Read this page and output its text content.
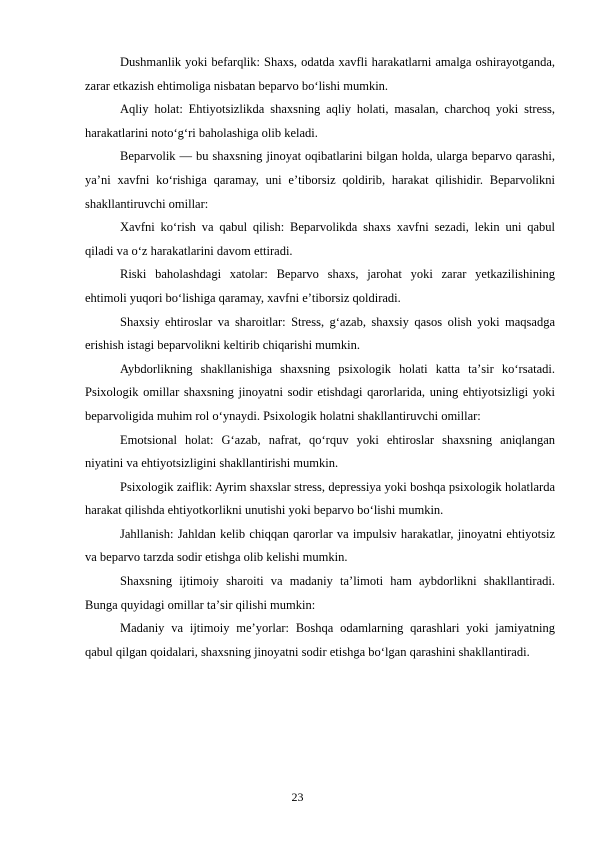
Dushmanlik yoki befarqlik: Shaxs, odatda xavfli harakatlarni amalga oshirayotganda, zarar etkazish ehtimoliga nisbatan beparvo boʻlishi mumkin.

Aqliy holat: Ehtiyotsizlikda shaxsning aqliy holati, masalan, charchoq yoki stress, harakatlarini notoʻgʻri baholashiga olib keladi.

Beparvolik — bu shaxsning jinoyat oqibatlarini bilgan holda, ularga beparvo qarashi, yaʼni xavfni koʻrishiga qaramay, uni eʼtiborsiz qoldirib, harakat qilishidir. Beparvolikni shakllantiruvchi omillar:

Xavfni koʻrish va qabul qilish: Beparvolikda shaxs xavfni sezadi, lekin uni qabul qiladi va oʻz harakatlarini davom ettiradi.

Riski baholashdagi xatolar: Beparvo shaxs, jarohat yoki zarar yetkazilishining ehtimoli yuqori boʻlishiga qaramay, xavfni eʼtiborsiz qoldiradi.

Shaxsiy ehtiroslar va sharoitlar: Stress, gʻazab, shaxsiy qasos olish yoki maqsadga erishish istagi beparvolikni keltirib chiqarishi mumkin.

Aybdorlikning shakllanishiga shaxsning psixologik holati katta taʼsir koʻrsatadi. Psixologik omillar shaxsning jinoyatni sodir etishdagi qarorlarida, uning ehtiyotsizligi yoki beparvoligida muhim rol oʻynaydi. Psixologik holatni shakllantiruvchi omillar:

Emotsional holat: Gʻazab, nafrat, qoʻrquv yoki ehtiroslar shaxsning aniqlangan niyatini va ehtiyotsizligini shakllantirishi mumkin.

Psixologik zaiflik: Ayrim shaxslar stress, depressiya yoki boshqa psixologik holatlarda harakat qilishda ehtiyotkorlikni unutishi yoki beparvo boʻlishi mumkin.

Jahllanish: Jahldan kelib chiqqan qarorlar va impulsiv harakatlar, jinoyatni ehtiyotsiz va beparvo tarzda sodir etishga olib kelishi mumkin.

Shaxsning ijtimoiy sharoiti va madaniy taʼlimoti ham aybdorlikni shakllantiradi. Bunga quyidagi omillar taʼsir qilishi mumkin:

Madaniy va ijtimoiy meʼyorlar: Boshqa odamlarning qarashlari yoki jamiyatning qabul qilgan qoidalari, shaxsning jinoyatni sodir etishga boʻlgan qarashini shakllantiradi.

23
